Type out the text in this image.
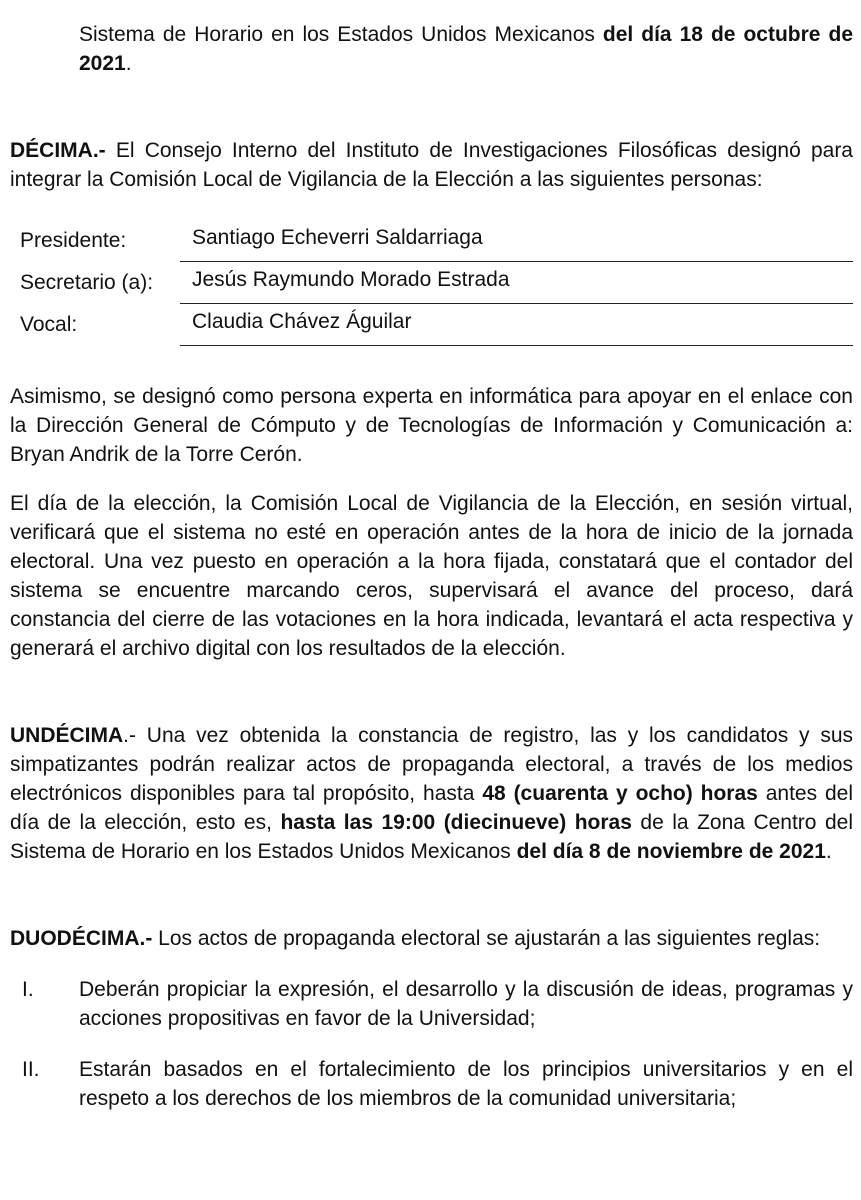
Sistema de Horario en los Estados Unidos Mexicanos del día 18 de octubre de 2021.

DÉCIMA.- El Consejo Interno del Instituto de Investigaciones Filosóficas designó para integrar la Comisión Local de Vigilancia de la Elección a las siguientes personas:

Presidente:	Santiago Echeverri Saldarriaga
Secretario (a):	Jesús Raymundo Morado Estrada
Vocal:	Claudia Chávez Águilar

Asimismo, se designó como persona experta en informática para apoyar en el enlace con la Dirección General de Cómputo y de Tecnologías de Información y Comunicación a: Bryan Andrik de la Torre Cerón.

El día de la elección, la Comisión Local de Vigilancia de la Elección, en sesión virtual, verificará que el sistema no esté en operación antes de la hora de inicio de la jornada electoral. Una vez puesto en operación a la hora fijada, constatará que el contador del sistema se encuentre marcando ceros, supervisará el avance del proceso, dará constancia del cierre de las votaciones en la hora indicada, levantará el acta respectiva y generará el archivo digital con los resultados de la elección.

UNDÉCIMA.- Una vez obtenida la constancia de registro, las y los candidatos y sus simpatizantes podrán realizar actos de propaganda electoral, a través de los medios electrónicos disponibles para tal propósito, hasta 48 (cuarenta y ocho) horas antes del día de la elección, esto es, hasta las 19:00 (diecinueve) horas de la Zona Centro del Sistema de Horario en los Estados Unidos Mexicanos del día 8 de noviembre de 2021.

DUODÉCIMA.- Los actos de propaganda electoral se ajustarán a las siguientes reglas:

I.	Deberán propiciar la expresión, el desarrollo y la discusión de ideas, programas y acciones propositivas en favor de la Universidad;
II.	Estarán basados en el fortalecimiento de los principios universitarios y en el respeto a los derechos de los miembros de la comunidad universitaria;
